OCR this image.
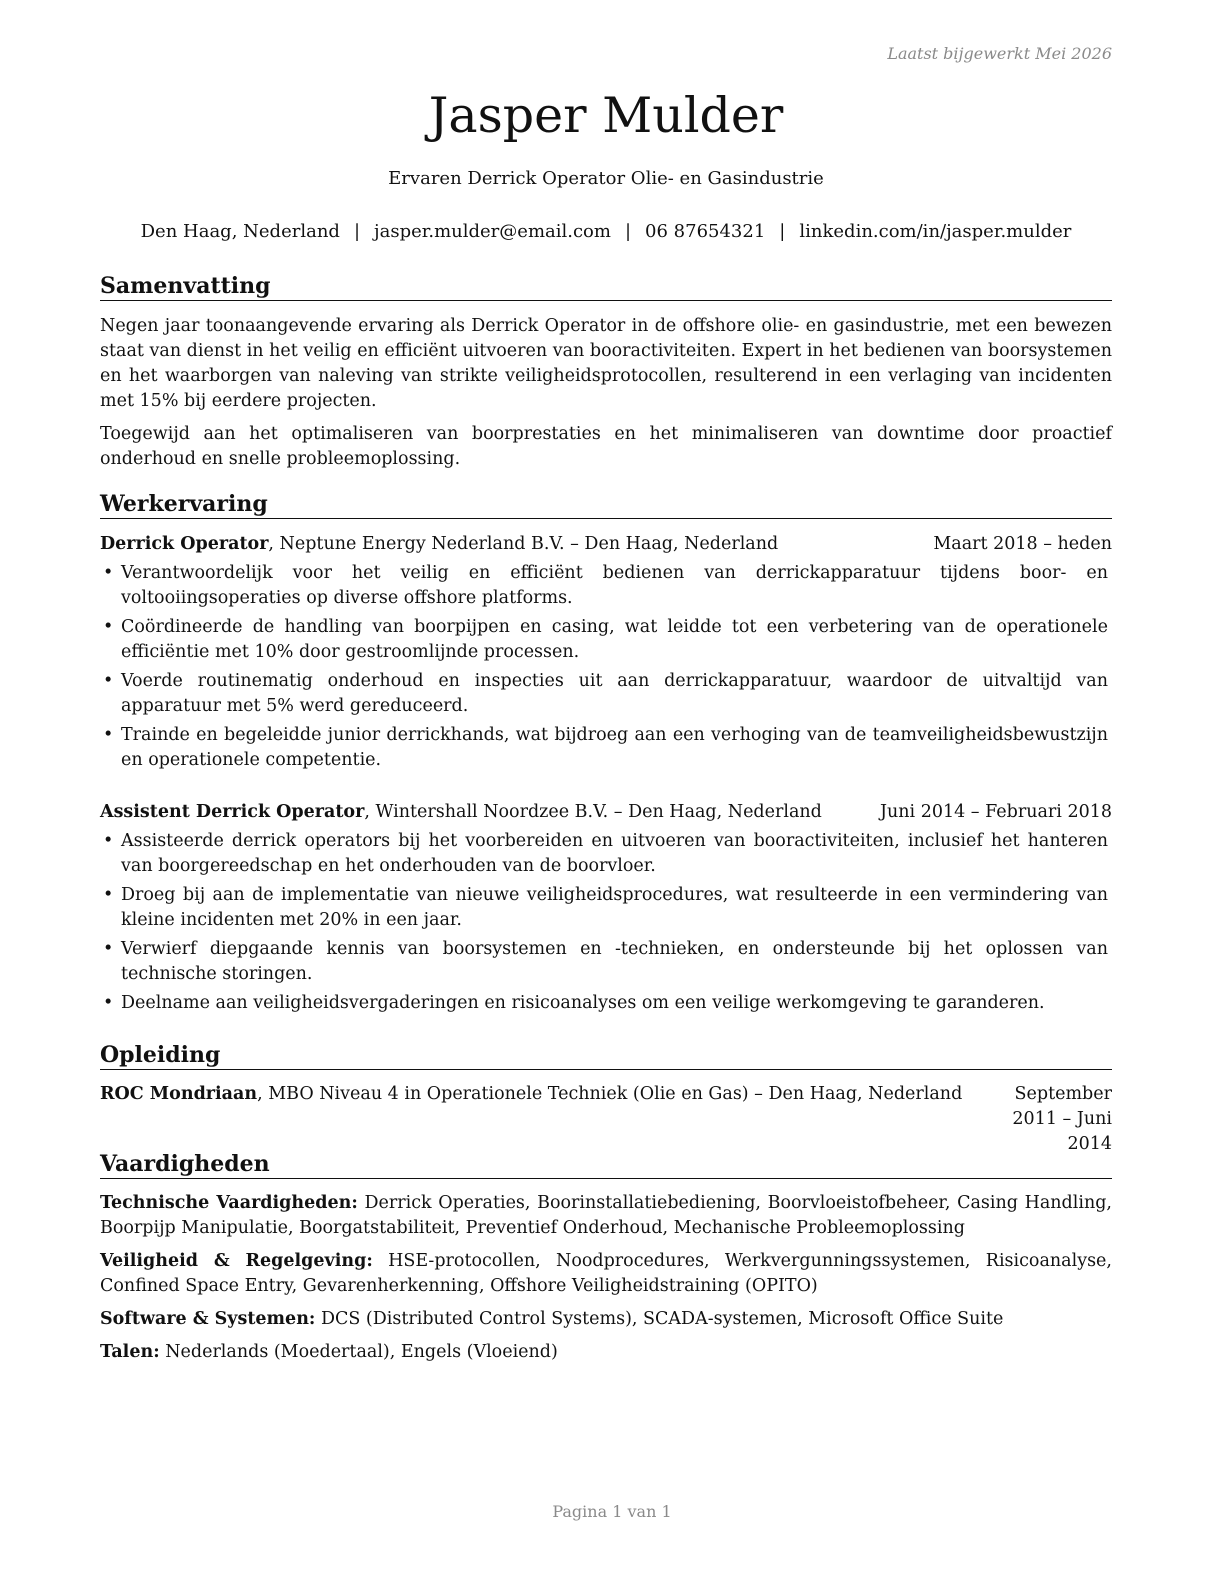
Laatst bijgewerkt Mei 2026
Jasper Mulder
Ervaren Derrick Operator Olie- en Gasindustrie
Den Haag, Nederland | jasper.mulder@email.com | 06 87654321 | linkedin.com/in/jasper.mulder
Samenvatting

Negen jaar toonaangevende ervaring als Derrick Operator in de offshore olie- en gasindustrie, met een bewezen staat van dienst in het veilig en efficiënt uitvoeren van booractiviteiten. Expert in het bedienen van boorsystemen en het waarborgen van naleving van strikte veiligheidsprotocollen, resulterend in een verlaging van incidenten met 15% bij eerdere projecten.

Toegewijd aan het optimaliseren van boorprestaties en het minimaliseren van downtime door proactief onderhoud en snelle probleemoplossing.

Werkervaring
Derrick Operator, Neptune Energy Nederland B.V. – Den Haag, Nederland	Maart 2018 – heden
• Verantwoordelijk voor het veilig en efficiënt bedienen van derrickapparatuur tijdens boor- en voltooiingsoperaties op diverse offshore platforms.
• Coördineerde de handling van boorpijpen en casing, wat leidde tot een verbetering van de operationele efficiëntie met 10% door gestroomlijnde processen.
• Voerde routinematig onderhoud en inspecties uit aan derrickapparatuur, waardoor de uitvaltijd van apparatuur met 5% werd gereduceerd.
• Trainde en begeleidde junior derrickhands, wat bijdroeg aan een verhoging van de teamveiligheidsbewustzijn en operationele competentie.
Assistent Derrick Operator, Wintershall Noordzee B.V. – Den Haag, Nederland	Juni 2014 – Februari 2018
• Assisteerde derrick operators bij het voorbereiden en uitvoeren van booractiviteiten, inclusief het hanteren van boorgereedschap en het onderhouden van de boorvloer.
• Droeg bij aan de implementatie van nieuwe veiligheidsprocedures, wat resulteerde in een vermindering van kleine incidenten met 20% in een jaar.
• Verwierf diepgaande kennis van boorsystemen en -technieken, en ondersteunde bij het oplossen van technische storingen.
• Deelname aan veiligheidsvergaderingen en risicoanalyses om een veilige werkomgeving te garanderen.
Opleiding
ROC Mondriaan, MBO Niveau 4 in Operationele Techniek (Olie en Gas) – Den Haag, Nederland	September 2011 – Juni 2014
Vaardigheden

Technische Vaardigheden: Derrick Operaties, Boorinstallatiebediening, Boorvloeistofbeheer, Casing Handling, Boorpijp Manipulatie, Boorgatstabiliteit, Preventief Onderhoud, Mechanische Probleemoplossing

Veiligheid & Regelgeving: HSE-protocollen, Noodprocedures, Werkvergunningssystemen, Risicoanalyse, Confined Space Entry, Gevarenherkenning, Offshore Veiligheidstraining (OPITO)

Software & Systemen: DCS (Distributed Control Systems), SCADA-systemen, Microsoft Office Suite

Talen: Nederlands (Moedertaal), Engels (Vloeiend)

Pagina 1 van 1
